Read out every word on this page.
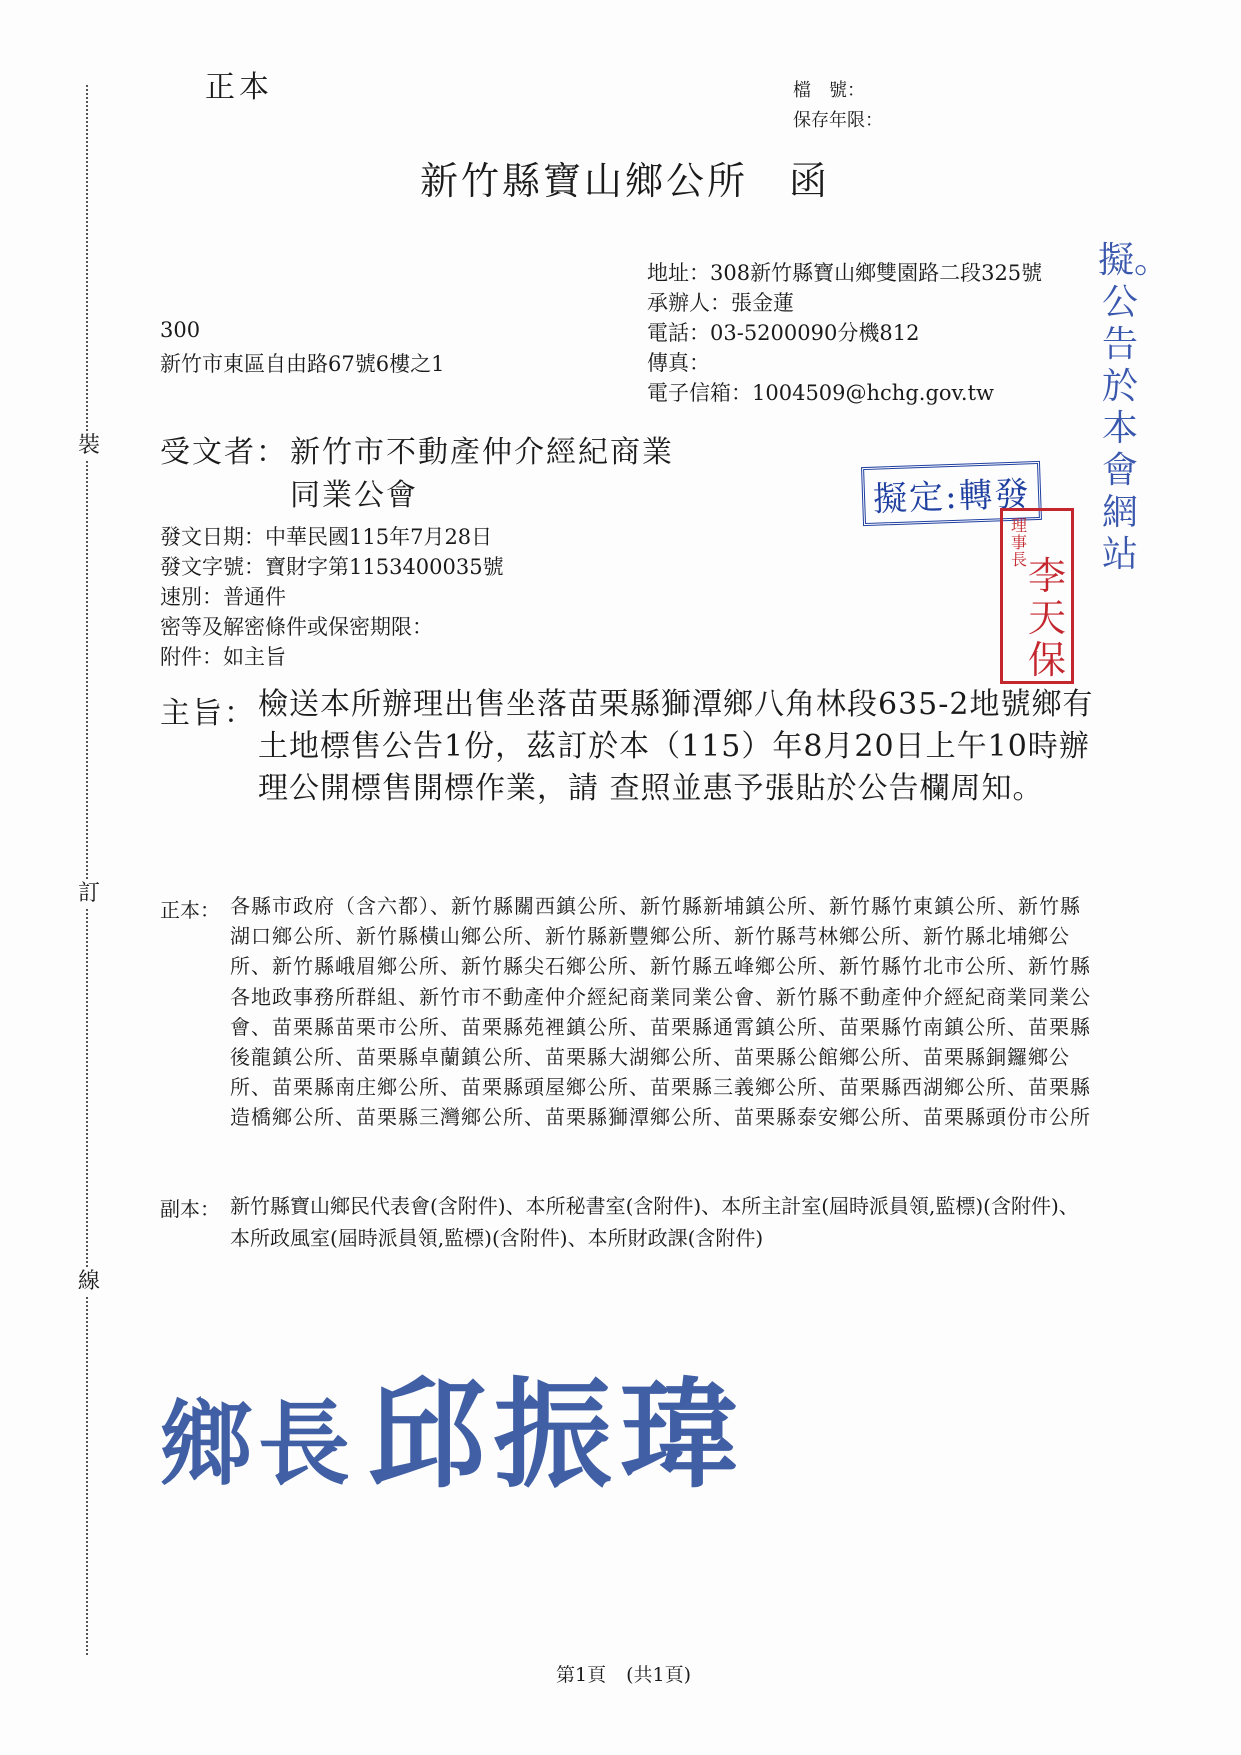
裝
訂
線
正本	檔　號：
保存年限：
新竹縣寶山鄉公所　函
地址：308新竹縣寶山鄉雙園路二段325號
承辦人：張金蓮
電話：03-5200090分機812
傳真：
電子信箱：1004509@hchg.gov.tw
300
新竹市東區自由路67號6樓之1
受文者： 新竹市不動產仲介經紀商業
同業公會
發文日期：中華民國115年7月28日
發文字號：寶財字第1153400035號
速別：普通件
密等及解密條件或保密期限：
附件：如主旨
主旨： 檢送本所辦理出售坐落苗栗縣獅潭鄉八角林段635-2地號鄉有土地標售公告1份，茲訂於本（115）年8月20日上午10時辦理公開標售開標作業，請 查照並惠予張貼於公告欄周知。
正本： 各縣市政府（含六都）、新竹縣關西鎮公所、新竹縣新埔鎮公所、新竹縣竹東鎮公所、新竹縣湖口鄉公所、新竹縣橫山鄉公所、新竹縣新豐鄉公所、新竹縣芎林鄉公所、新竹縣北埔鄉公所、新竹縣峨眉鄉公所、新竹縣尖石鄉公所、新竹縣五峰鄉公所、新竹縣竹北市公所、新竹縣各地政事務所群組、新竹市不動產仲介經紀商業同業公會、新竹縣不動產仲介經紀商業同業公會、苗栗縣苗栗市公所、苗栗縣苑裡鎮公所、苗栗縣通霄鎮公所、苗栗縣竹南鎮公所、苗栗縣後龍鎮公所、苗栗縣卓蘭鎮公所、苗栗縣大湖鄉公所、苗栗縣公館鄉公所、苗栗縣銅鑼鄉公所、苗栗縣南庄鄉公所、苗栗縣頭屋鄉公所、苗栗縣三義鄉公所、苗栗縣西湖鄉公所、苗栗縣造橋鄉公所、苗栗縣三灣鄉公所、苗栗縣獅潭鄉公所、苗栗縣泰安鄉公所、苗栗縣頭份市公所
副本： 新竹縣寶山鄉民代表會(含附件)、本所秘書室(含附件)、本所主計室(屆時派員領,監標)(含附件)、本所政風室(屆時派員領,監標)(含附件)、本所財政課(含附件)
擬定:轉發
理事長 李天保
擬。公告於本會網站
鄉長 邱振瑋
第1頁 (共1頁)
